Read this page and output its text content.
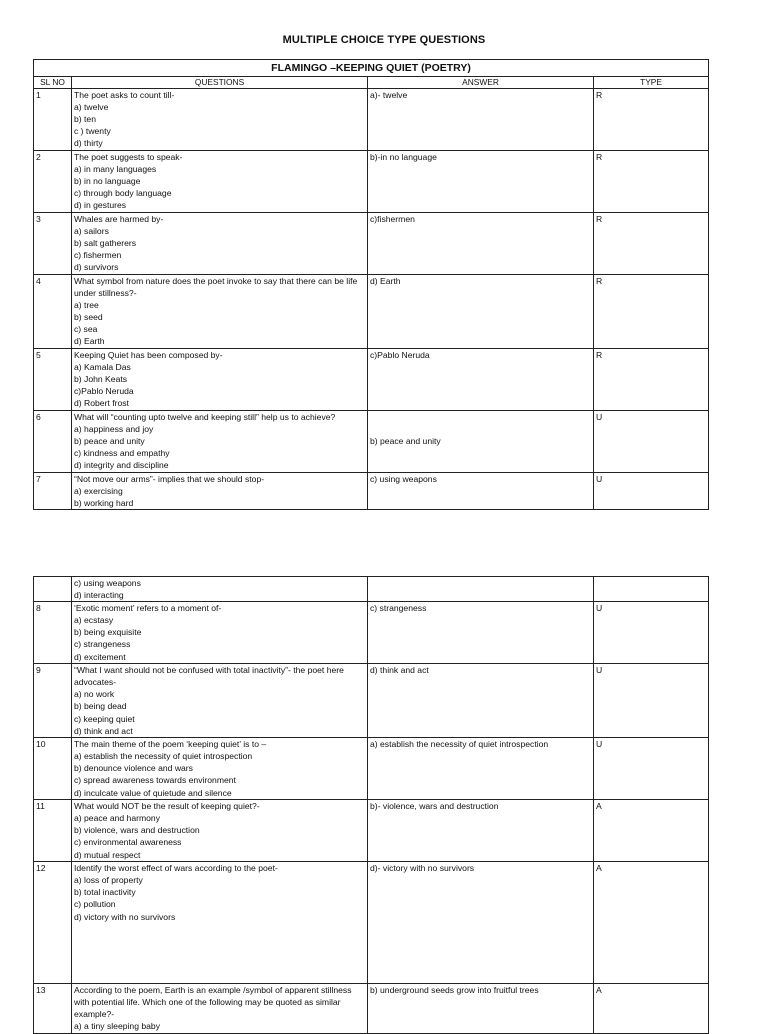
MULTIPLE CHOICE TYPE QUESTIONS
FLAMINGO –KEEPING QUIET (POETRY)			
SL NO	QUESTIONS	ANSWER	TYPE
1	The poet asks to count till-
a) twelve
b) ten
c ) twenty
d) thirty	a)- twelve	R
2	The poet suggests to speak-
a) in many languages
b) in no language
c) through body language
d) in gestures	b)-in no language	R
3	Whales are harmed by-
a) sailors
b) salt gatherers
c) fishermen
d) survivors	c)fishermen	R
4	What symbol from nature does the poet invoke to say that there can be life under stillness?-
a) tree
b) seed
c) sea
d) Earth	d) Earth	R
5	Keeping Quiet has been composed by-
a) Kamala Das
b) John Keats
c)Pablo Neruda
d) Robert frost	c)Pablo Neruda	R
6	What will “counting upto twelve and keeping still” help us to achieve?
a) happiness and joy
b) peace and unity
c) kindness and empathy
d) integrity and discipline	b) peace and unity	U
7	“Not move our arms”- implies that we should stop-
a) exercising
b) working hard	c) using weapons	U

	c) using weapons
d) interacting		

8	‘Exotic moment’ refers to a moment of-
a) ecstasy
b) being exquisite
c) strangeness
d) excitement	c) strangeness	U
9	“What I want should not be confused with total inactivity”- the poet here advocates-
a) no work
b) being dead
c) keeping quiet
d) think and act	d) think and act	U
10	The main theme of the poem ‘keeping quiet’ is to –
a) establish the necessity of quiet introspection
b) denounce violence and wars
c) spread awareness towards environment
d) inculcate value of quietude and silence	a) establish the necessity of quiet introspection	U
11	What would NOT be the result of keeping quiet?-
a) peace and harmony
b) violence, wars and destruction
c) environmental awareness
d) mutual respect	b)- violence, wars and destruction	A
12	Identify the worst effect of wars according to the poet-
a) loss of property
b) total inactivity
c) pollution
d) victory with no survivors	d)- victory with no survivors	A
13	According to the poem, Earth is an example /symbol of apparent stillness with potential life. Which one of the following may be quoted as similar example?-
a) a tiny sleeping baby	b) underground seeds grow into fruitful trees	A
